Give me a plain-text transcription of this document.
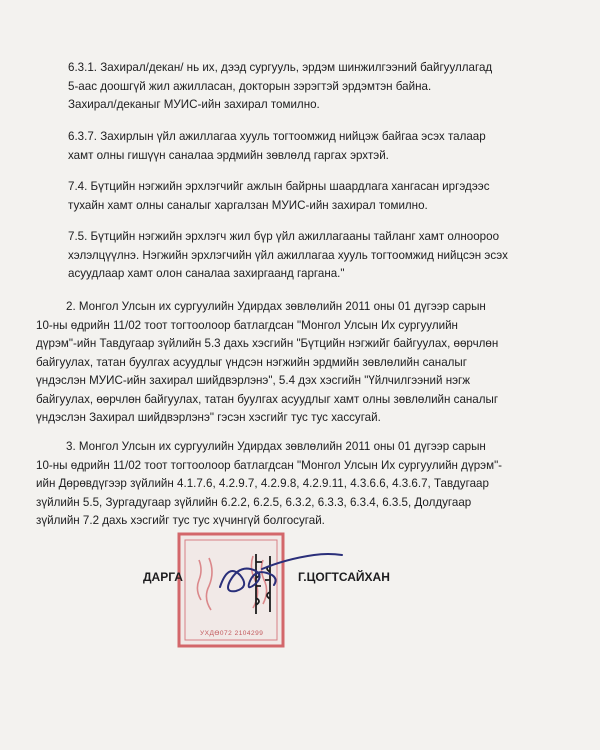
6.3.1. Захирал/декан/ нь их, дээд сургууль, эрдэм шинжилгээний байгууллагад
5-аас доошгүй жил ажилласан, докторын зэрэгтэй эрдэмтэн байна.
Захирал/деканыг МУИС-ийн захирал томилно.

6.3.7. Захирлын үйл ажиллагаа хууль тогтоомжид нийцэж байгаа эсэх талаар
хамт олны гишүүн саналаа эрдмийн зөвлөлд гаргах эрхтэй.

7.4. Бүтцийн нэгжийн эрхлэгчийг ажлын байрны шаардлага хангасан иргэдээс
тухайн хамт олны саналыг харгалзан МУИС-ийн захирал томилно.

7.5. Бүтцийн нэгжийн эрхлэгч жил бүр үйл ажиллагааны тайланг хамт олноороо
хэлэлцүүлнэ. Нэгжийн эрхлэгчийн үйл ажиллагаа хууль тогтоомжид нийцсэн эсэх
асуудлаар хамт олон саналаа захиргаанд гаргана."

2. Монгол Улсын их сургуулийн Удирдах зөвлөлийн 2011 оны 01 дүгээр сарын
10-ны өдрийн 11/02 тоот тогтоолоор батлагдсан "Монгол Улсын Их сургуулийн
дүрэм"-ийн Тавдугаар зүйлийн 5.3 дахь хэсгийн "Бүтцийн нэгжийг байгуулах, өөрчлөн
байгуулах, татан буулгах асуудлыг үндсэн нэгжийн эрдмийн зөвлөлийн саналыг
үндэслэн МУИС-ийн захирал шийдвэрлэнэ", 5.4 дэх хэсгийн "Үйлчилгээний нэгж
байгуулах, өөрчлөн байгуулах, татан буулгах асуудлыг хамт олны зөвлөлийн саналыг
үндэслэн Захирал шийдвэрлэнэ" гэсэн хэсгийг тус тус хассугай.

3. Монгол Улсын их сургуулийн Удирдах зөвлөлийн 2011 оны 01 дүгээр сарын
10-ны өдрийн 11/02 тоот тогтоолоор батлагдсан "Монгол Улсын Их сургуулийн дүрэм"-
ийн Дөрөвдүгээр зүйлийн 4.1.7.6, 4.2.9.7, 4.2.9.8, 4.2.9.11, 4.3.6.6, 4.3.6.7, Тавдугаар
зүйлийн 5.5, Зургадугаар зүйлийн 6.2.2, 6.2.5, 6.3.2, 6.3.3, 6.3.4, 6.3.5, Долдугаар
зүйлийн 7.2 дахь хэсгийг тус тус хүчингүй болгосугай.

УХДӨ072 2104299
ДАРГА	Г.ЦОГТСАЙХАН
